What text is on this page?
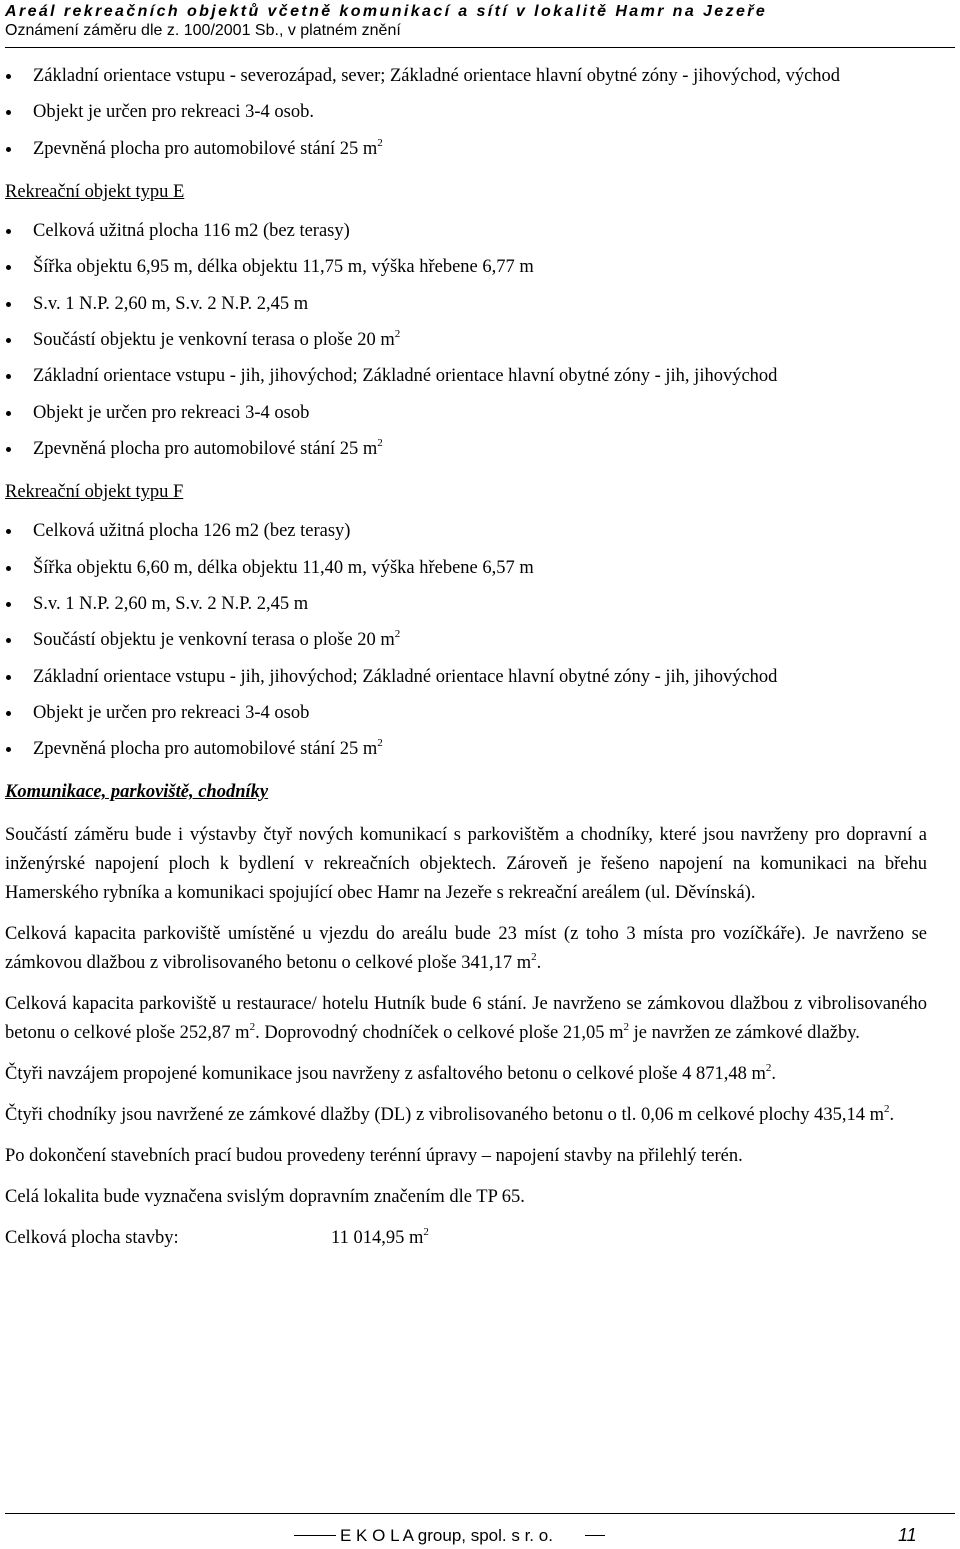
Areál rekreačních objektů včetně komunikací a sítí v lokalitě Hamr na Jezeře
Oznámení záměru dle z. 100/2001 Sb., v platném znění
Základní orientace vstupu - severozápad, sever; Základné orientace hlavní obytné zóny - jihovýchod, východ
Objekt je určen pro rekreaci 3-4 osob.
Zpevněná plocha pro automobilové stání 25 $m^2$
Rekreační objekt typu E
Celková užitná plocha 116 m2 (bez terasy)
Šířka objektu 6,95 m, délka objektu 11,75 m, výška hřebene 6,77 m
S.v. 1 N.P. 2,60 m, S.v. 2 N.P. 2,45 m
Součástí objektu je venkovní terasa o ploše 20 $m^2$
Základní orientace vstupu - jih, jihovýchod; Základné orientace hlavní obytné zóny - jih, jihovýchod
Objekt je určen pro rekreaci 3-4 osob
Zpevněná plocha pro automobilové stání 25 $m^2$
Rekreační objekt typu F
Celková užitná plocha 126 m2 (bez terasy)
Šířka objektu 6,60 m, délka objektu 11,40 m, výška hřebene 6,57 m
S.v. 1 N.P. 2,60 m, S.v. 2 N.P. 2,45 m
Součástí objektu je venkovní terasa o ploše 20 $m^2$
Základní orientace vstupu - jih, jihovýchod; Základné orientace hlavní obytné zóny - jih, jihovýchod
Objekt je určen pro rekreaci 3-4 osob
Zpevněná plocha pro automobilové stání 25 $m^2$
Komunikace, parkoviště, chodníky

Součástí záměru bude i výstavby čtyř nových komunikací s parkovištěm a chodníky, které jsou navrženy pro dopravní a inženýrské napojení ploch k bydlení v rekreačních objektech. Zároveň je řešeno napojení na komunikaci na břehu Hamerského rybníka a komunikaci spojující obec Hamr na Jezeře s rekreační areálem (ul. Děvínská).

Celková kapacita parkoviště umístěné u vjezdu do areálu bude 23 míst (z toho 3 místa pro vozíčkáře). Je navrženo se zámkovou dlažbou z vibrolisovaného betonu o celkové ploše 341,17 $m^2$.

Celková kapacita parkoviště u restaurace/ hotelu Hutník bude 6 stání. Je navrženo se zámkovou dlažbou z vibrolisovaného betonu o celkové ploše 252,87 $m^2$. Doprovodný chodníček o celkové ploše 21,05 $m^2$ je navržen ze zámkové dlažby.

Čtyři navzájem propojené komunikace jsou navrženy z asfaltového betonu o celkové ploše 4 871,48 $m^2$.

Čtyři chodníky jsou navržené ze zámkové dlažby (DL) z vibrolisovaného betonu o tl. 0,06 m celkové plochy 435,14 $m^2$.

Po dokončení stavebních prací budou provedeny terénní úpravy – napojení stavby na přilehlý terén.

Celá lokalita bude vyznačena svislým dopravním značením dle TP 65.

Celková plocha stavby:	11 014,95 $m^2$
E K O L A group, spol. s r. o.	11
